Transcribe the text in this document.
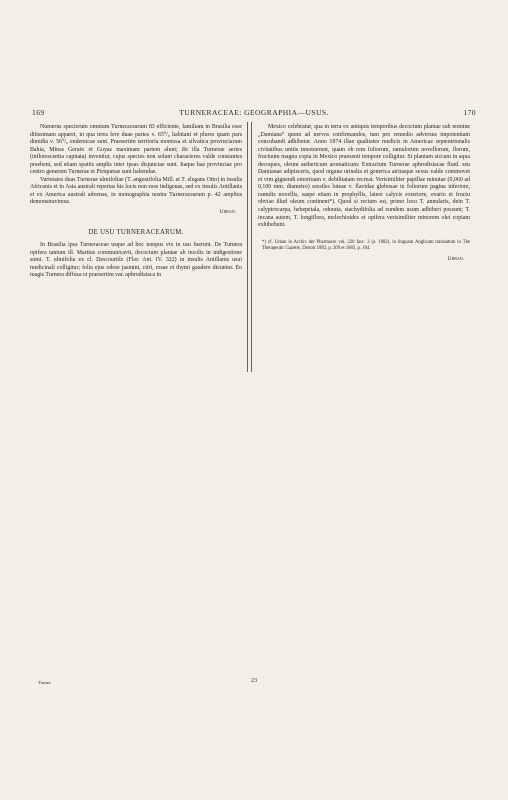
169	TURNERACEAE: GEOGRAPHIA—USUS.	170

Numerus specierum omnium Turneracearum 83 efficiente, familiam in Brasilia esse ditissimam apparet, in qua terra fere duae partes v. 65⁰/₀ habitant et plures quam pars dimidia v. 56⁰/₀ endemicae sunt. Praesertim territoria montosa et silvatica provinciarum Bahia, Minas Geraës et Goyaz maximam partem alunt; ibi illa Turnerae series (inflorescentia capitata) invenitur, cujus species non solum characteres valde constantes praebent, sed etiam spatiis amplis inter ipsas disjunctae sunt. Itaque hae provinciae pro centro generum Turnerae et Piriquetae sunt habendae.

Varietates duas Turnerae ulmifoliae (T. angustifolia Mill. et T. elegans Otto) in insulis Africanis et in Asia australi repertas his locis non esse indigenas, sed ex insulis Antillanis et ex America australi advenas, in monographia nostra Turneracearum p. 42 amplius demonstravimus.

Urban.
DE USU TURNERACEARUM.

In Brasilia ipsa Turneraceae usque ad hoc tempus vix in usu fuerunt. De Turnera opifera tantum ill. Martius communicavit, decoctum plantae ab incolis in indigestione sumi. T. ulmifolia ex cl. Descourtilz (Flor. Ant. IV. 322) in insulis Antillanis usui medicinali colligitur; folia ejus odore jasmini, citri, rosae et thymi gaudere dicuntur. Eo magis Turnera diffusa et praesertim var. aphrodisiaca in

Mexico celebratur, qua in terra ex antiquis temporibus decoctum plantae sub nomine „Damiana“ quum ad nervos confirmandos, tum pro remedio adversus impotentiam concubandi adhibetur. Anno 1874 illae qualitates medicis in Americae septentrionalis civitatibus unitis innotuerunt, quam ob rem foliorum, ramulorum novellorum, florum, fructuum magna copia in Mexico praesenti tempore colligitur. Si plantam siccam in aqua decoques, oleum aethericum aromaticum: Extractum Turnerae aphrodisiacae fluid. seu Damianae adipisceris, quod organa urinalia et generica atriusque sexus valde commovet et vim gignendi emortuam v. debilitatam recreat. Verisimiliter papillae minutae (0,060 ad 0,100 mm. diametro) sessiles luteae v. flavidae globosae in foliorum pagina inferiore, ramulis novellis, saepe etiam in prophyllis, latere calycis exteriore, ovario et fructu obviae illud oleum continent*). Quod si rectum est, primo loco T. annularis, dein T. calyptrocarpa, hebepetala, odorata, stachydifolia ad eundem usum adhiberi possunt; T. incana autem, T. longiflora, melochioides et opifera verisimiliter minorem olei copiam exhibebunt.

*) cf. Urban in Archiv der Pharmacie vol. 220 fasc. 3 (a. 1882), in linguam Anglicam translatum in The Therapeutic Gazette, Detroit 1882, p. 209 et 1883, p. 104.

Urban.
Turner.	23
